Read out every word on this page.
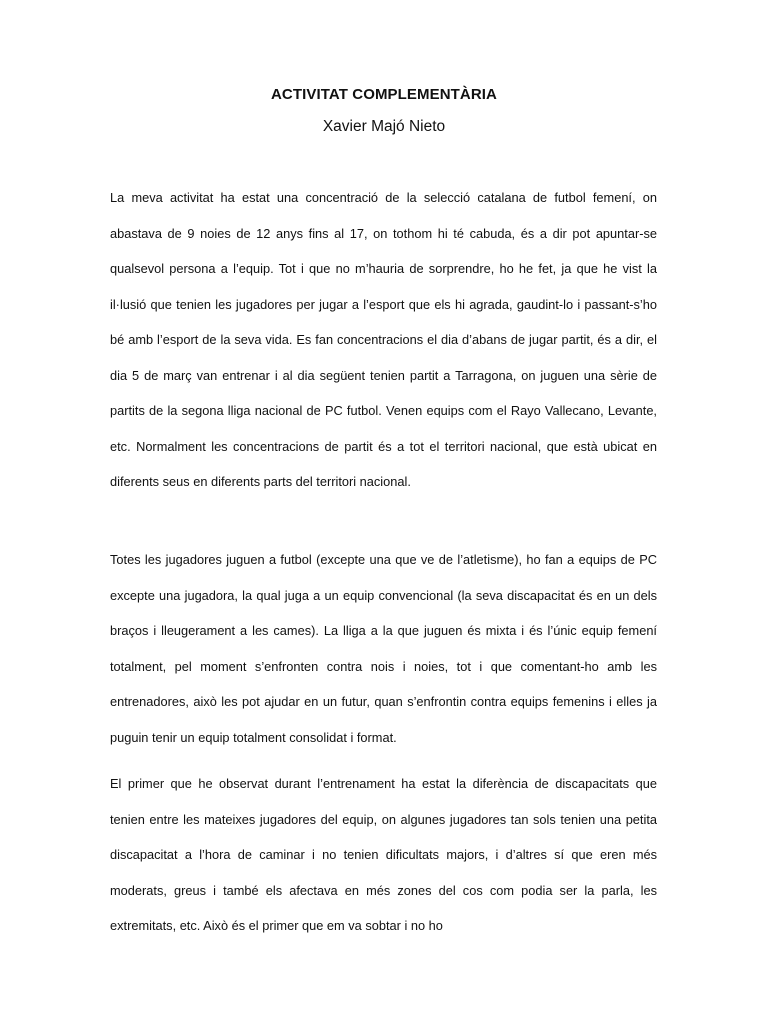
ACTIVITAT COMPLEMENTÀRIA
Xavier Majó Nieto

La meva activitat ha estat una concentració de la selecció catalana de futbol femení, on abastava de 9 noies de 12 anys fins al 17, on tothom hi té cabuda, és a dir pot apuntar-se qualsevol persona a l’equip. Tot i que no m’hauria de sorprendre, ho he fet, ja que he vist la il·lusió que tenien les jugadores per jugar a l’esport que els hi agrada, gaudint-lo i passant-s’ho bé amb l’esport de la seva vida. Es fan concentracions el dia d’abans de jugar partit, és a dir, el dia 5 de març van entrenar i al dia següent tenien partit a Tarragona, on juguen una sèrie de partits de la segona lliga nacional de PC futbol. Venen equips com el Rayo Vallecano, Levante, etc. Normalment les concentracions de partit és a tot el territori nacional, que està ubicat en diferents seus en diferents parts del territori nacional.

Totes les jugadores juguen a futbol (excepte una que ve de l’atletisme), ho fan a equips de PC excepte una jugadora, la qual juga a un equip convencional (la seva discapacitat és en un dels braços i lleugerament a les cames). La lliga a la que juguen és mixta i és l’únic equip femení totalment, pel moment s’enfronten contra nois i noies, tot i que comentant-ho amb les entrenadores, això les pot ajudar en un futur, quan s’enfrontin contra equips femenins i elles ja puguin tenir un equip totalment consolidat i format.

El primer que he observat durant l’entrenament ha estat la diferència de discapacitats que tenien entre les mateixes jugadores del equip, on algunes jugadores tan sols tenien una petita discapacitat a l’hora de caminar i no tenien dificultats majors, i d’altres sí que eren més moderats, greus i també els afectava en més zones del cos com podia ser la parla, les extremitats, etc. Això és el primer que em va sobtar i no ho
